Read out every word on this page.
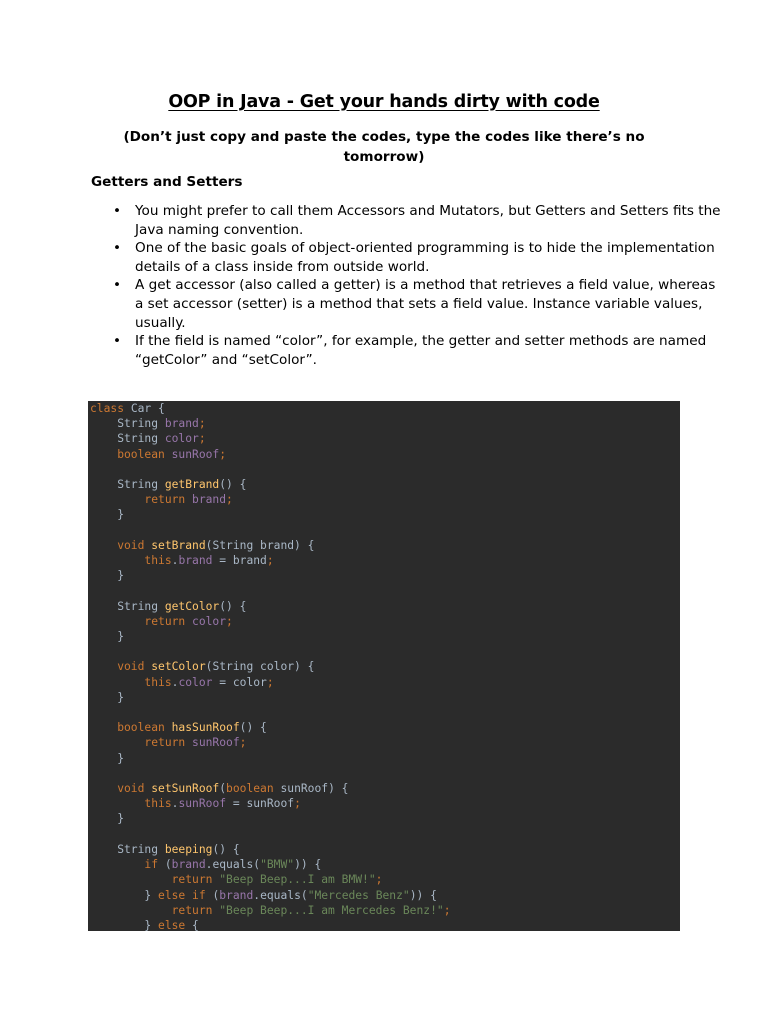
OOP in Java - Get your hands dirty with code
(Don’t just copy and paste the codes, type the codes like there’s no tomorrow)
Getters and Setters
• You might prefer to call them Accessors and Mutators, but Getters and Setters fits the Java naming convention.
• One of the basic goals of object-oriented programming is to hide the implementation details of a class inside from outside world.
• A get accessor (also called a getter) is a method that retrieves a field value, whereas a set accessor (setter) is a method that sets a field value. Instance variable values, usually.
• If the field is named “color”, for example, the getter and setter methods are named “getColor” and “setColor”.
class Car {
String brand;
String color;
boolean sunRoof;

String getBrand() {
return brand;
}

void setBrand(String brand) {
this.brand = brand;
}

String getColor() {
return color;
}

void setColor(String color) {
this.color = color;
}

boolean hasSunRoof() {
return sunRoof;
}

void setSunRoof(boolean sunRoof) {
this.sunRoof = sunRoof;
}

String beeping() {
if (brand.equals("BMW")) {
return "Beep Beep...I am BMW!";
} else if (brand.equals("Mercedes Benz")) {
return "Beep Beep...I am Mercedes Benz!";
} else {
